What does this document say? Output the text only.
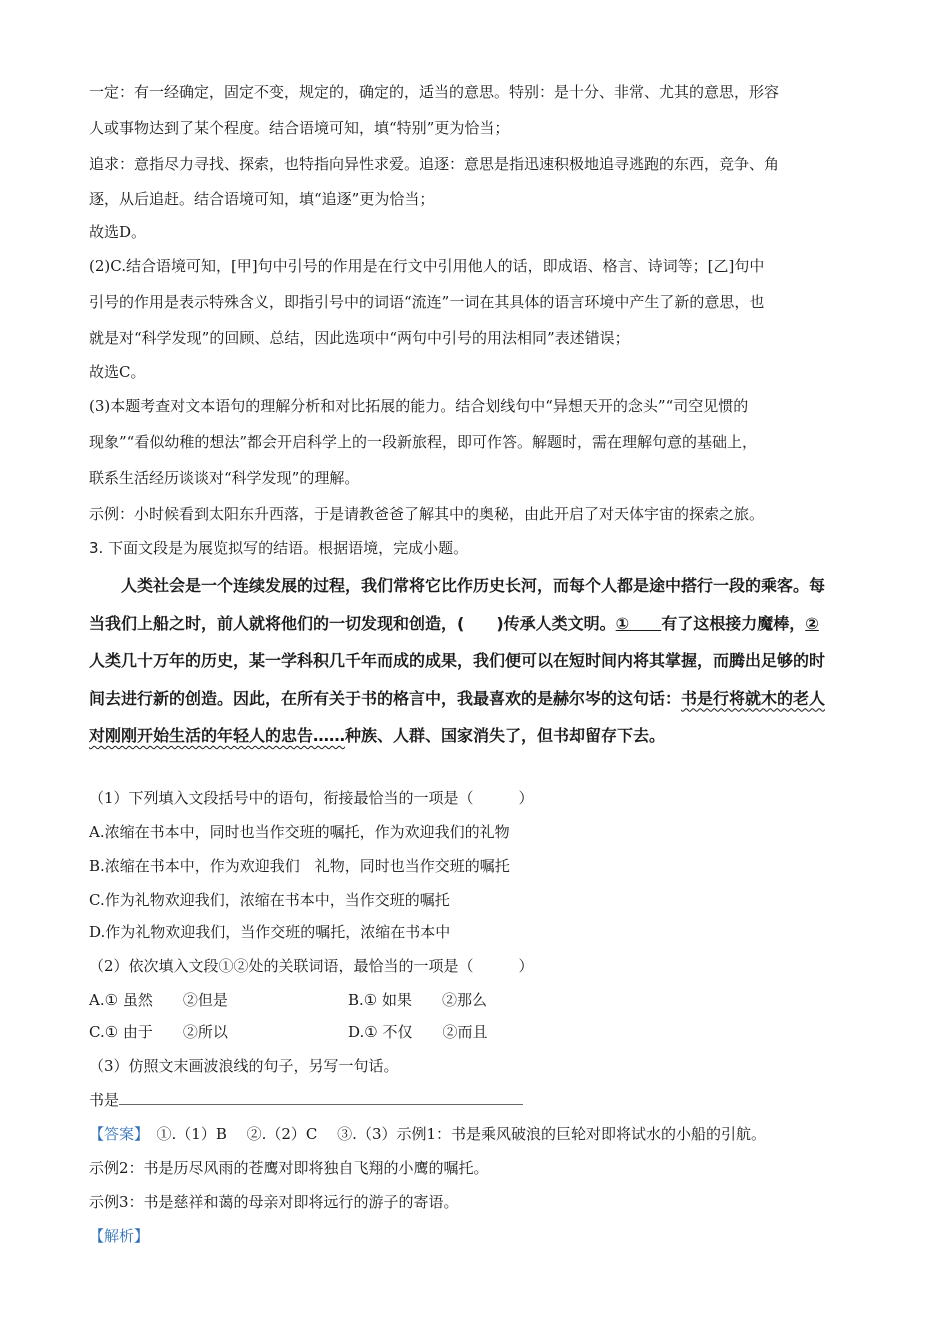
一定：有一经确定，固定不变，规定的，确定的，适当的意思。特别：是十分、非常、尤其的意思，形容
人或事物达到了某个程度。结合语境可知，填“特别”更为恰当；
追求：意指尽力寻找、探索，也特指向异性求爱。追逐：意思是指迅速积极地追寻逃跑的东西，竞争、角
逐，从后追赶。结合语境可知，填“追逐”更为恰当；
故选D。
(2)C.结合语境可知，[甲]句中引号的作用是在行文中引用他人的话，即成语、格言、诗词等；[乙]句中
引号的作用是表示特殊含义，即指引号中的词语“流连”一词在其具体的语言环境中产生了新的意思，也
就是对“科学发现”的回顾、总结，因此选项中“两句中引号的用法相同”表述错误；
故选C。
(3)本题考查对文本语句的理解分析和对比拓展的能力。结合划线句中“异想天开的念头”“司空见惯的
现象”“看似幼稚的想法”都会开启科学上的一段新旅程，即可作答。解题时，需在理解句意的基础上，
联系生活经历谈谈对“科学发现”的理解。
示例：小时候看到太阳东升西落，于是请教爸爸了解其中的奥秘，由此开启了对天体宇宙的探索之旅。
3. 下面文段是为展览拟写的结语。根据语境，完成小题。
人类社会是一个连续发展的过程，我们常将它比作历史长河，而每个人都是途中搭行一段的乘客。每
当我们上船之时，前人就将他们的一切发现和创造，(　　)传承人类文明。①　　有了这根接力魔棒，②
人类几十万年的历史，某一学科积几千年而成的成果，我们便可以在短时间内将其掌握，而腾出足够的时
间去进行新的创造。因此，在所有关于书的格言中，我最喜欢的是赫尔岑的这句话：书是行将就木的老人
对刚刚开始生活的年轻人的忠告……种族、人群、国家消失了，但书却留存下去。
（1）下列填入文段括号中的语句，衔接最恰当的一项是（　　　）
A.浓缩在书本中，同时也当作交班的嘱托，作为欢迎我们的礼物
B.浓缩在书本中，作为欢迎我们　礼物，同时也当作交班的嘱托
C.作为礼物欢迎我们，浓缩在书本中，当作交班的嘱托
D.作为礼物欢迎我们，当作交班的嘱托，浓缩在书本中
（2）依次填入文段①②处的关联词语，最恰当的一项是（　　　）
A.① 虽然　　②但是	B.① 如果　　②那么
C.① 由于　　②所以	D.① 不仅　　②而且
（3）仿照文末画波浪线的句子，另写一句话。
书是
【答案】　①.（1）B　 ②.（2）C　 ③.（3）示例1：书是乘风破浪的巨轮对即将试水的小船的引航。
示例2：书是历尽风雨的苍鹰对即将独自飞翔的小鹰的嘱托。
示例3：书是慈祥和蔼的母亲对即将远行的游子的寄语。
【解析】
